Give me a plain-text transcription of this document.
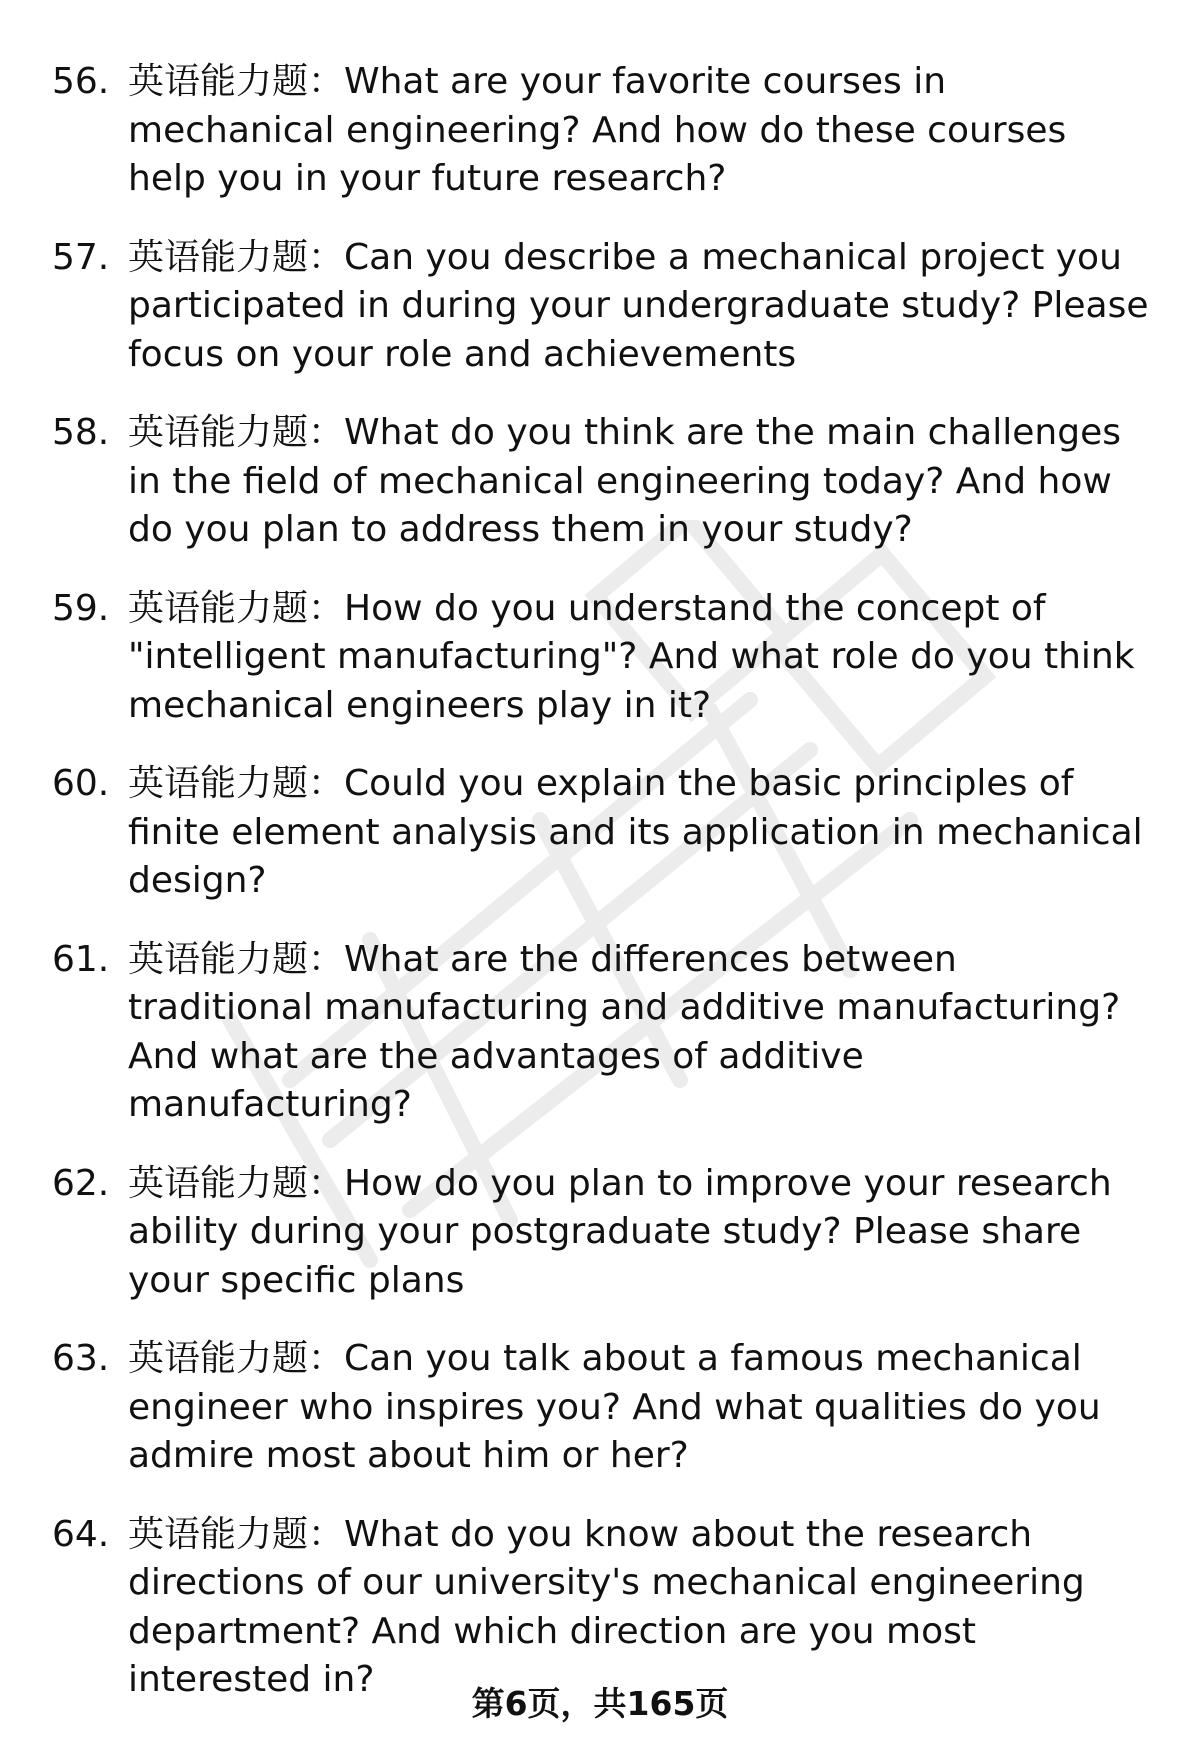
56. 英语能力题：What are your favorite courses in mechanical engineering? And how do these courses help you in your future research?
57. 英语能力题：Can you describe a mechanical project you participated in during your undergraduate study? Please focus on your role and achievements
58. 英语能力题：What do you think are the main challenges in the field of mechanical engineering today? And how do you plan to address them in your study?
59. 英语能力题：How do you understand the concept of "intelligent manufacturing"? And what role do you think mechanical engineers play in it?
60. 英语能力题：Could you explain the basic principles of finite element analysis and its application in mechanical design?
61. 英语能力题：What are the differences between traditional manufacturing and additive manufacturing? And what are the advantages of additive manufacturing?
62. 英语能力题：How do you plan to improve your research ability during your postgraduate study? Please share your specific plans
63. 英语能力题：Can you talk about a famous mechanical engineer who inspires you? And what qualities do you admire most about him or her?
64. 英语能力题：What do you know about the research directions of our university's mechanical engineering department? And which direction are you most interested in?
第6页，共165页
